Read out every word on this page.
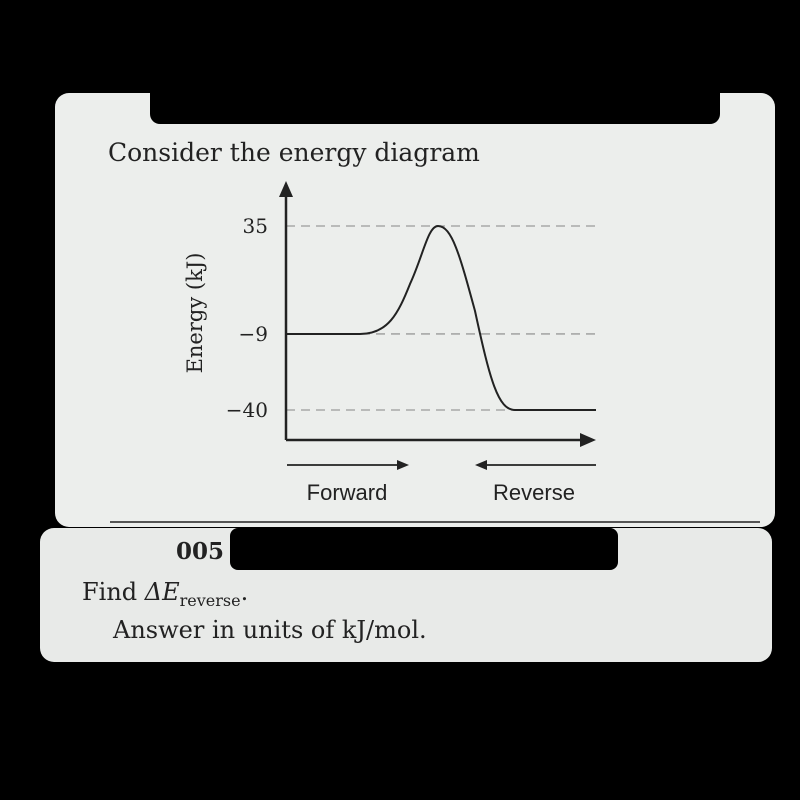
Consider the energy diagram
35
−9
−40
Energy (kJ)
Forward	Reverse
005
Find $\Delta E_{reverse}$.
Answer in units of kJ/mol.
